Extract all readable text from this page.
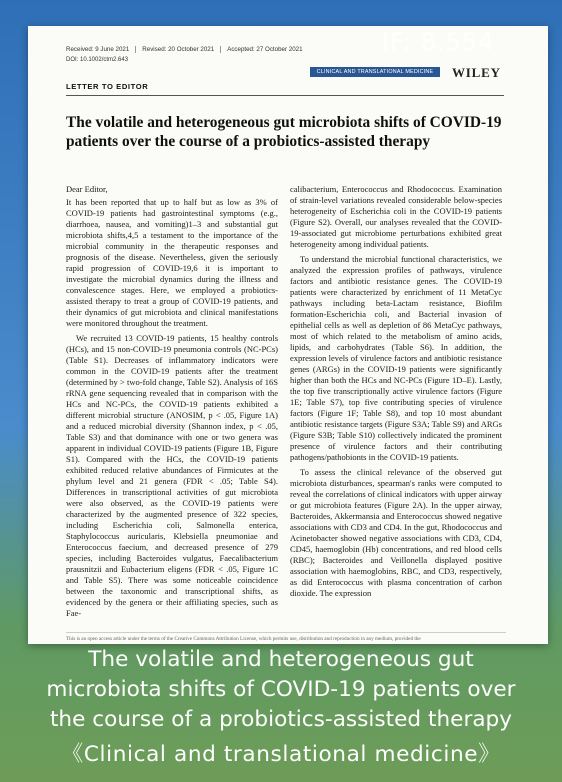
Received: 9 June 2021 Revised: 20 October 2021 Accepted: 27 October 2021
DOI: 10.1002/ctm2.643
CLINICAL AND TRANSLATIONAL MEDICINE	WILEY
LETTER TO EDITOR
The volatile and heterogeneous gut microbiota shifts of COVID-19 patients over the course of a probiotics-assisted therapy

Dear Editor,

It has been reported that up to half but as low as 3% of COVID-19 patients had gastrointestinal symptoms (e.g., diarrhoea, nausea, and vomiting)1–3 and substantial gut microbiota shifts,4,5 a testament to the importance of the microbial community in the therapeutic responses and prognosis of the disease. Nevertheless, given the seriously rapid progression of COVID-19,6 it is important to investigate the microbial dynamics during the illness and convalescence stages. Here, we employed a probiotics-assisted therapy to treat a group of COVID-19 patients, and their dynamics of gut microbiota and clinical manifestations were monitored throughout the treatment.

We recruited 13 COVID-19 patients, 15 healthy controls (HCs), and 15 non-COVID-19 pneumonia controls (NC-PCs) (Table S1). Decreases of inflammatory indicators were common in the COVID-19 patients after the treatment (determined by > two-fold change, Table S2). Analysis of 16S rRNA gene sequencing revealed that in comparison with the HCs and NC-PCs, the COVID-19 patients exhibited a different microbial structure (ANOSIM, p < .05, Figure 1A) and a reduced microbial diversity (Shannon index, p < .05, Table S3) and that dominance with one or two genera was apparent in individual COVID-19 patients (Figure 1B, Figure S1). Compared with the HCs, the COVID-19 patients exhibited reduced relative abundances of Firmicutes at the phylum level and 21 genera (FDR < .05; Table S4). Differences in transcriptional activities of gut microbiota were also observed, as the COVID-19 patients were characterized by the augmented presence of 322 species, including Escherichia coli, Salmonella enterica, Staphylococcus auricularis, Klebsiella pneumoniae and Enterococcus faecium, and decreased presence of 279 species, including Bacteroides vulgatus, Faecalibacterium prausnitzii and Eubacterium eligens (FDR < .05, Figure 1C and Table S5). There was some noticeable coincidence between the taxonomic and transcriptional shifts, as evidenced by the genera or their affiliating species, such as Fae-

calibacterium, Enterococcus and Rhodococcus. Examination of strain-level variations revealed considerable below-species heterogeneity of Escherichia coli in the COVID-19 patients (Figure S2). Overall, our analyses revealed that the COVID-19-associated gut microbiome perturbations exhibited great heterogeneity among individual patients.

To understand the microbial functional characteristics, we analyzed the expression profiles of pathways, virulence factors and antibiotic resistance genes. The COVID-19 patients were characterized by enrichment of 11 MetaCyc pathways including beta-Lactam resistance, Biofilm formation-Escherichia coli, and Bacterial invasion of epithelial cells as well as depletion of 86 MetaCyc pathways, most of which related to the metabolism of amino acids, lipids, and carbohydrates (Table S6). In addition, the expression levels of virulence factors and antibiotic resistance genes (ARGs) in the COVID-19 patients were significantly higher than both the HCs and NC-PCs (Figure 1D–E). Lastly, the top five transcriptionally active virulence factors (Figure 1E; Table S7), top five contributing species of virulence factors (Figure 1F; Table S8), and top 10 most abundant antibiotic resistance targets (Figure S3A; Table S9) and ARGs (Figure S3B; Table S10) collectively indicated the prominent presence of virulence factors and their contributing pathogens/pathobionts in the COVID-19 patients.

To assess the clinical relevance of the observed gut microbiota disturbances, spearman's ranks were computed to reveal the correlations of clinical indicators with upper airway or gut microbiota features (Figure 2A). In the upper airway, Bacteroides, Akkermansia and Enterococcus showed negative associations with CD3 and CD4. In the gut, Rhodococcus and Acinetobacter showed negative associations with CD3, CD4, CD45, haemoglobin (Hb) concentrations, and red blood cells (RBC); Bacteroides and Veillonella displayed positive association with haemoglobins, RBC, and CD3, respectively, as did Enterococcus with plasma concentration of carbon dioxide. The expression

This is an open access article under the terms of the Creative Commons Attribution License, which permits use, distribution and reproduction in any medium, provided the
IF: 8.554
The volatile and heterogeneous gut
microbiota shifts of COVID-19 patients over
the course of a probiotics-assisted therapy
《Clinical and translational medicine》
